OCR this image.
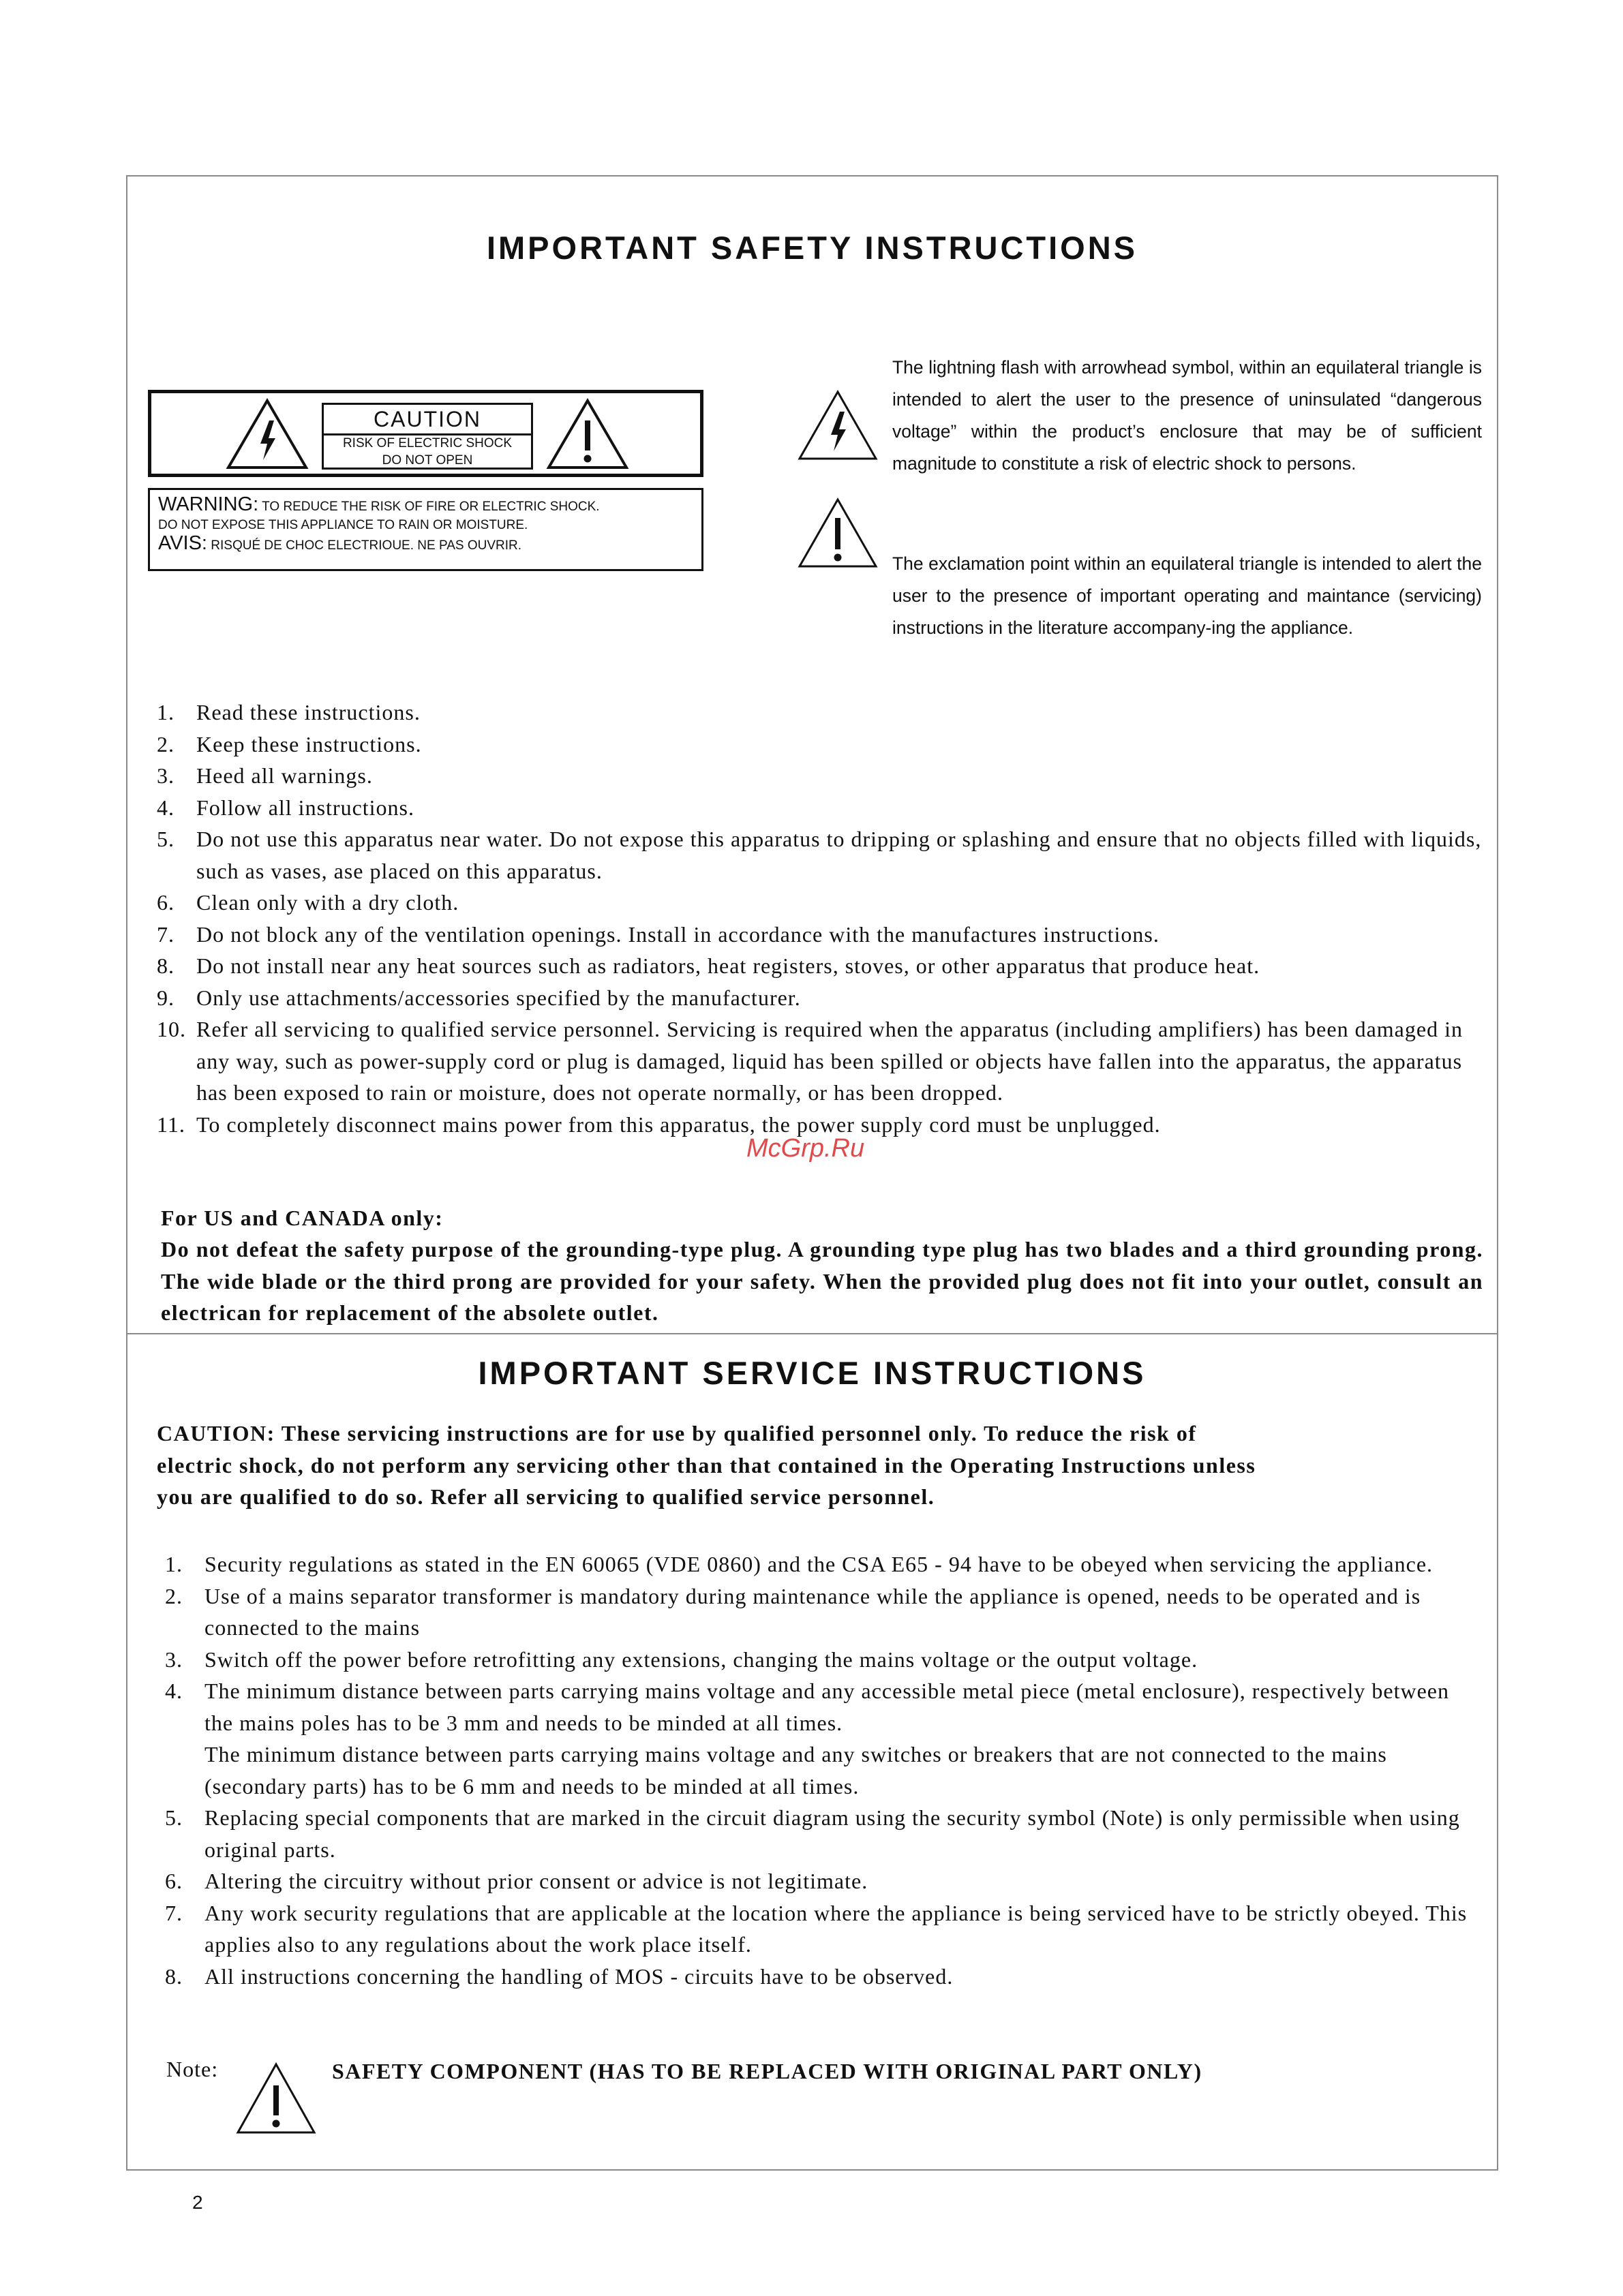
IMPORTANT SAFETY INSTRUCTIONS
CAUTION
RISK OF ELECTRIC SHOCK
DO NOT OPEN
WARNING: TO REDUCE THE RISK OF FIRE OR ELECTRIC SHOCK.
DO NOT EXPOSE THIS APPLIANCE TO RAIN OR MOISTURE.
AVIS: RISQUÉ DE CHOC ELECTRIOUE. NE PAS OUVRIR.

The lightning flash with arrowhead symbol, within an equilateral triangle is intended to alert the user to the presence of uninsulated “dangerous voltage” within the product’s enclosure that may be of sufficient magnitude to constitute a risk of electric shock to persons.

The exclamation point within an equilateral triangle is intended to alert the user to the presence of important operating and maintance (servicing) instructions in the literature accompany-ing the appliance.

1. Read these instructions.
2. Keep these instructions.
3. Heed all warnings.
4. Follow all instructions.
5. Do not use this apparatus near water. Do not expose this apparatus to dripping or splashing and ensure that no objects filled with liquids, such as vases, ase placed on this apparatus.
6. Clean only with a dry cloth.
7. Do not block any of the ventilation openings. Install in accordance with the manufactures instructions.
8. Do not install near any heat sources such as radiators, heat registers, stoves, or other apparatus that produce heat.
9. Only use attachments/accessories specified by the manufacturer.
10. Refer all servicing to qualified service personnel. Servicing is required when the apparatus (including amplifiers) has been damaged in any way, such as power-supply cord or plug is damaged, liquid has been spilled or objects have fallen into the apparatus, the apparatus has been exposed to rain or moisture, does not operate normally, or has been dropped.
11. To completely disconnect mains power from this apparatus, the power supply cord must be unplugged.
McGrp.Ru
For US and CANADA only:
Do not defeat the safety purpose of the grounding-type plug. A grounding type plug has two blades and a third grounding prong. The wide blade or the third prong are provided for your safety. When the provided plug does not fit into your outlet, consult an electrican for replacement of the absolete outlet.
IMPORTANT SERVICE INSTRUCTIONS
CAUTION: These servicing instructions are for use by qualified personnel only. To reduce the risk of electric shock, do not perform any servicing other than that contained in the Operating Instructions unless you are qualified to do so. Refer all servicing to qualified service personnel.
1. Security regulations as stated in the EN 60065 (VDE 0860) and the CSA E65 - 94 have to be obeyed when servicing the appliance.
2. Use of a mains separator transformer is mandatory during maintenance while the appliance is opened, needs to be operated and is connected to the mains
3. Switch off the power before retrofitting any extensions, changing the mains voltage or the output voltage.
4. The minimum distance between parts carrying mains voltage and any accessible metal piece (metal enclosure), respectively between the mains poles has to be 3 mm and needs to be minded at all times.
The minimum distance between parts carrying mains voltage and any switches or breakers that are not connected to the mains (secondary parts) has to be 6 mm and needs to be minded at all times.
5. Replacing special components that are marked in the circuit diagram using the security symbol (Note) is only permissible when using original parts.
6. Altering the circuitry without prior consent or advice is not legitimate.
7. Any work security regulations that are applicable at the location where the appliance is being serviced have to be strictly obeyed. This applies also to any regulations about the work place itself.
8. All instructions concerning the handling of MOS - circuits have to be observed.
Note:	SAFETY COMPONENT (HAS TO BE REPLACED WITH ORIGINAL PART ONLY)
2
